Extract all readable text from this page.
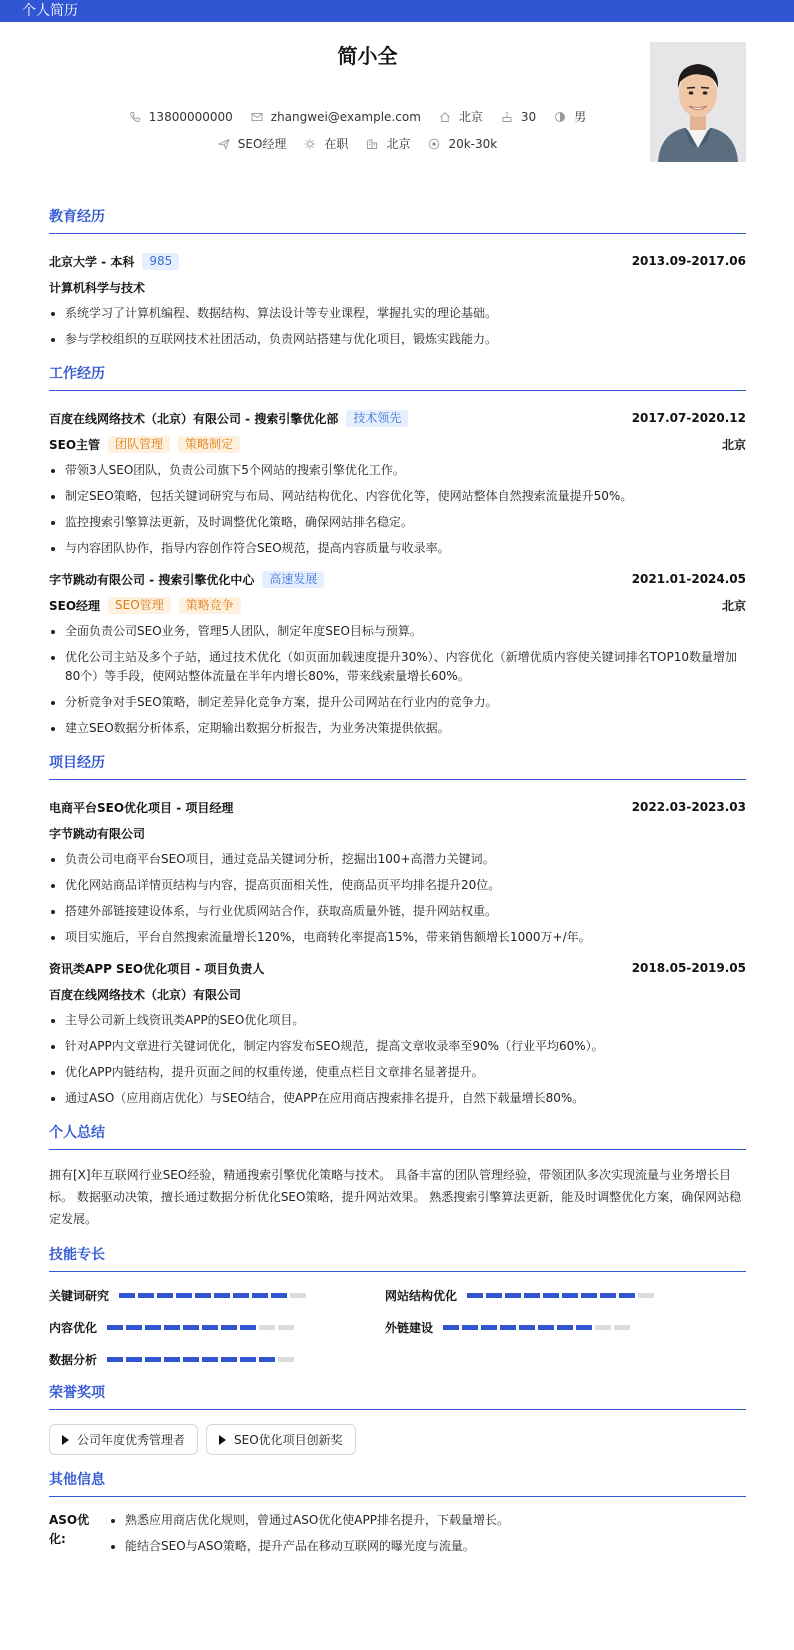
个人简历
简小全
13800000000	zhangwei@example.com	北京	30	男
SEO经理	在职	北京	20k-30k
教育经历
北京大学 - 本科	985	2013.09-2017.06
计算机科学与技术
系统学习了计算机编程、数据结构、算法设计等专业课程，掌握扎实的理论基础。
参与学校组织的互联网技术社团活动，负责网站搭建与优化项目，锻炼实践能力。
工作经历
百度在线网络技术（北京）有限公司 - 搜索引擎优化部	技术领先	2017.07-2020.12
SEO主管	团队管理	策略制定	北京
带领3人SEO团队，负责公司旗下5个网站的搜索引擎优化工作。
制定SEO策略，包括关键词研究与布局、网站结构优化、内容优化等，使网站整体自然搜索流量提升50%。
监控搜索引擎算法更新，及时调整优化策略，确保网站排名稳定。
与内容团队协作，指导内容创作符合SEO规范，提高内容质量与收录率。
字节跳动有限公司 - 搜索引擎优化中心	高速发展	2021.01-2024.05
SEO经理	SEO管理	策略竞争	北京
全面负责公司SEO业务，管理5人团队，制定年度SEO目标与预算。
优化公司主站及多个子站，通过技术优化（如页面加载速度提升30%）、内容优化（新增优质内容使关键词排名TOP10数量增加80个）等手段，使网站整体流量在半年内增长80%，带来线索量增长60%。
分析竞争对手SEO策略，制定差异化竞争方案，提升公司网站在行业内的竞争力。
建立SEO数据分析体系，定期输出数据分析报告，为业务决策提供依据。
项目经历
电商平台SEO优化项目 - 项目经理	2022.03-2023.03
字节跳动有限公司
负责公司电商平台SEO项目，通过竞品关键词分析，挖掘出100+高潜力关键词。
优化网站商品详情页结构与内容，提高页面相关性，使商品页平均排名提升20位。
搭建外部链接建设体系，与行业优质网站合作，获取高质量外链，提升网站权重。
项目实施后，平台自然搜索流量增长120%，电商转化率提高15%，带来销售额增长1000万+/年。
资讯类APP SEO优化项目 - 项目负责人	2018.05-2019.05
百度在线网络技术（北京）有限公司
主导公司新上线资讯类APP的SEO优化项目。
针对APP内文章进行关键词优化，制定内容发布SEO规范，提高文章收录率至90%（行业平均60%）。
优化APP内链结构，提升页面之间的权重传递，使重点栏目文章排名显著提升。
通过ASO（应用商店优化）与SEO结合，使APP在应用商店搜索排名提升，自然下载量增长80%。
个人总结

拥有[X]年互联网行业SEO经验，精通搜索引擎优化策略与技术。 具备丰富的团队管理经验，带领团队多次实现流量与业务增长目标。 数据驱动决策，擅长通过数据分析优化SEO策略，提升网站效果。 熟悉搜索引擎算法更新，能及时调整优化方案，确保网站稳定发展。

技能专长
关键词研究	网站结构优化
内容优化	外链建设
数据分析
荣誉奖项
公司年度优秀管理者	SEO优化项目创新奖
其他信息
ASO优化:
熟悉应用商店优化规则，曾通过ASO优化使APP排名提升，下载量增长。
能结合SEO与ASO策略，提升产品在移动互联网的曝光度与流量。
